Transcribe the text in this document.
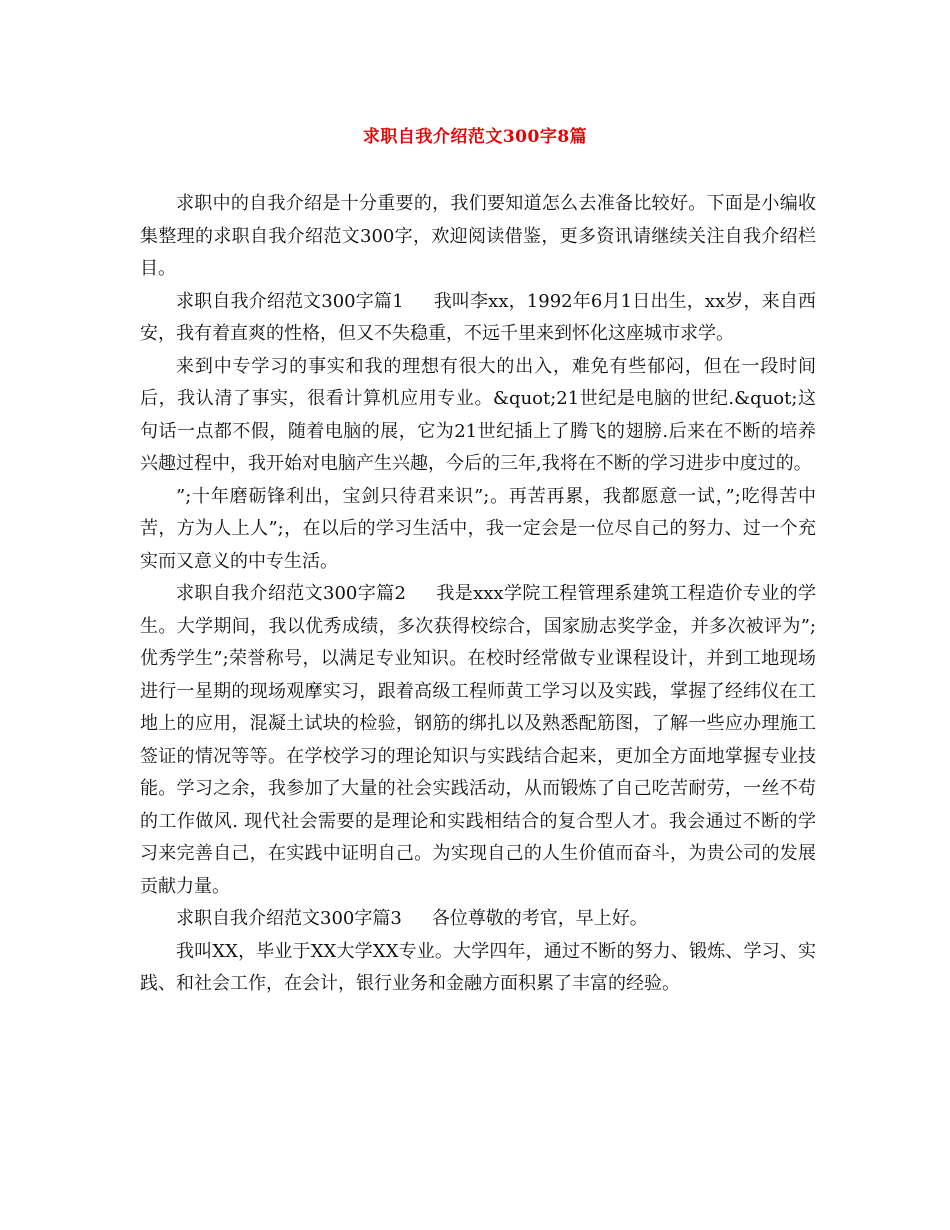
求职自我介绍范文300字8篇

求职中的自我介绍是十分重要的，我们要知道怎么去准备比较好。下面是小编收集整理的求职自我介绍范文300字，欢迎阅读借鉴，更多资讯请继续关注自我介绍栏目。

求职自我介绍范文300字篇1 我叫李xx，1992年6月1日出生，xx岁，来自西安，我有着直爽的性格，但又不失稳重，不远千里来到怀化这座城市求学。

来到中专学习的事实和我的理想有很大的出入，难免有些郁闷，但在一段时间后，我认清了事实，很看计算机应用专业。&quot;21世纪是电脑的世纪.&quot;这句话一点都不假，随着电脑的展，它为21世纪插上了腾飞的翅膀.后来在不断的培养兴趣过程中，我开始对电脑产生兴趣，今后的三年,我将在不断的学习进步中度过的。

”;十年磨砺锋利出，宝剑只待君来识”;。再苦再累，我都愿意一试，”;吃得苦中苦，方为人上人”;，在以后的学习生活中，我一定会是一位尽自己的努力、过一个充实而又意义的中专生活。

求职自我介绍范文300字篇2 我是xxx学院工程管理系建筑工程造价专业的学生。大学期间，我以优秀成绩，多次获得校综合，国家励志奖学金，并多次被评为”;优秀学生”;荣誉称号，以满足专业知识。在校时经常做专业课程设计，并到工地现场进行一星期的现场观摩实习，跟着高级工程师黄工学习以及实践，掌握了经纬仪在工地上的应用，混凝土试块的检验，钢筋的绑扎以及熟悉配筋图，了解一些应办理施工签证的情况等等。在学校学习的理论知识与实践结合起来，更加全方面地掌握专业技能。学习之余，我参加了大量的社会实践活动，从而锻炼了自己吃苦耐劳，一丝不苟的工作做风. 现代社会需要的是理论和实践相结合的复合型人才。我会通过不断的学习来完善自己，在实践中证明自己。为实现自己的人生价值而奋斗，为贵公司的发展贡献力量。

求职自我介绍范文300字篇3 各位尊敬的考官，早上好。

我叫XX，毕业于XX大学XX专业。大学四年，通过不断的努力、锻炼、学习、实践、和社会工作，在会计，银行业务和金融方面积累了丰富的经验。
